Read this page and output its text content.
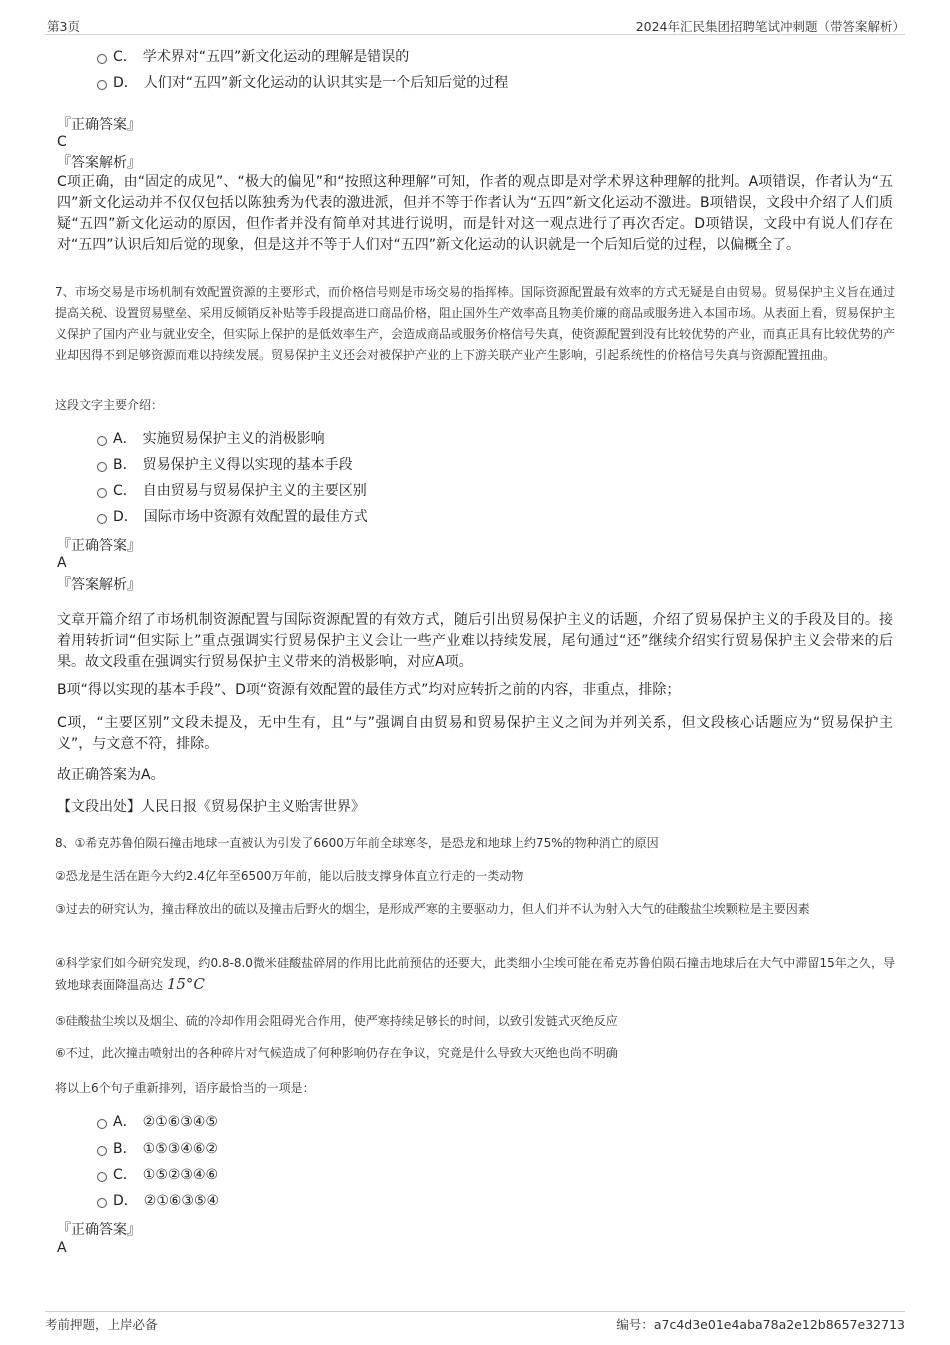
第3页	2024年汇民集团招聘笔试冲刺题（带答案解析）
C． 学术界对“五四”新文化运动的理解是错误的
D． 人们对“五四”新文化运动的认识其实是一个后知后觉的过程
『正确答案』
C
『答案解析』
C项正确，由“固定的成见”、“极大的偏见”和“按照这种理解”可知，作者的观点即是对学术界这种理解的批判。A项错误，作者认为“五四”新文化运动并不仅仅包括以陈独秀为代表的激进派，但并不等于作者认为“五四”新文化运动不激进。B项错误，文段中介绍了人们质疑“五四”新文化运动的原因，但作者并没有简单对其进行说明，而是针对这一观点进行了再次否定。D项错误，文段中有说人们存在对“五四”认识后知后觉的现象，但是这并不等于人们对“五四”新文化运动的认识就是一个后知后觉的过程，以偏概全了。
7、市场交易是市场机制有效配置资源的主要形式，而价格信号则是市场交易的指挥棒。国际资源配置最有效率的方式无疑是自由贸易。贸易保护主义旨在通过提高关税、设置贸易壁垒、采用反倾销反补贴等手段提高进口商品价格，阻止国外生产效率高且物美价廉的商品或服务进入本国市场。从表面上看，贸易保护主义保护了国内产业与就业安全，但实际上保护的是低效率生产，会造成商品或服务价格信号失真，使资源配置到没有比较优势的产业，而真正具有比较优势的产业却因得不到足够资源而难以持续发展。贸易保护主义还会对被保护产业的上下游关联产业产生影响，引起系统性的价格信号失真与资源配置扭曲。
这段文字主要介绍：
A． 实施贸易保护主义的消极影响
B． 贸易保护主义得以实现的基本手段
C． 自由贸易与贸易保护主义的主要区别
D． 国际市场中资源有效配置的最佳方式
『正确答案』
A
『答案解析』
文章开篇介绍了市场机制资源配置与国际资源配置的有效方式，随后引出贸易保护主义的话题，介绍了贸易保护主义的手段及目的。接着用转折词“但实际上”重点强调实行贸易保护主义会让一些产业难以持续发展，尾句通过“还”继续介绍实行贸易保护主义会带来的后果。故文段重在强调实行贸易保护主义带来的消极影响，对应A项。
B项“得以实现的基本手段”、D项“资源有效配置的最佳方式”均对应转折之前的内容，非重点，排除；
C项，“主要区别”文段未提及，无中生有，且“与”强调自由贸易和贸易保护主义之间为并列关系，但文段核心话题应为“贸易保护主义”，与文意不符，排除。
故正确答案为A。
【文段出处】人民日报《贸易保护主义贻害世界》
8、①希克苏鲁伯陨石撞击地球一直被认为引发了6600万年前全球寒冬，是恐龙和地球上约75%的物种消亡的原因
②恐龙是生活在距今大约2.4亿年至6500万年前，能以后肢支撑身体直立行走的一类动物
③过去的研究认为，撞击释放出的硫以及撞击后野火的烟尘，是形成严寒的主要驱动力，但人们并不认为射入大气的硅酸盐尘埃颗粒是主要因素
④科学家们如今研究发现，约0.8-8.0微米硅酸盐碎屑的作用比此前预估的还要大，此类细小尘埃可能在希克苏鲁伯陨石撞击地球后在大气中滞留15年之久，导致地球表面降温高达 15°C
⑤硅酸盐尘埃以及烟尘、硫的冷却作用会阻碍光合作用，使严寒持续足够长的时间，以致引发链式灭绝反应
⑥不过，此次撞击喷射出的各种碎片对气候造成了何种影响仍存在争议，究竟是什么导致大灭绝也尚不明确
将以上6个句子重新排列，语序最恰当的一项是：
A． ②①⑥③④⑤
B． ①⑤③④⑥②
C． ①⑤②③④⑥
D． ②①⑥③⑤④
『正确答案』
A
考前押题，上岸必备	编号：a7c4d3e01e4aba78a2e12b8657e32713
